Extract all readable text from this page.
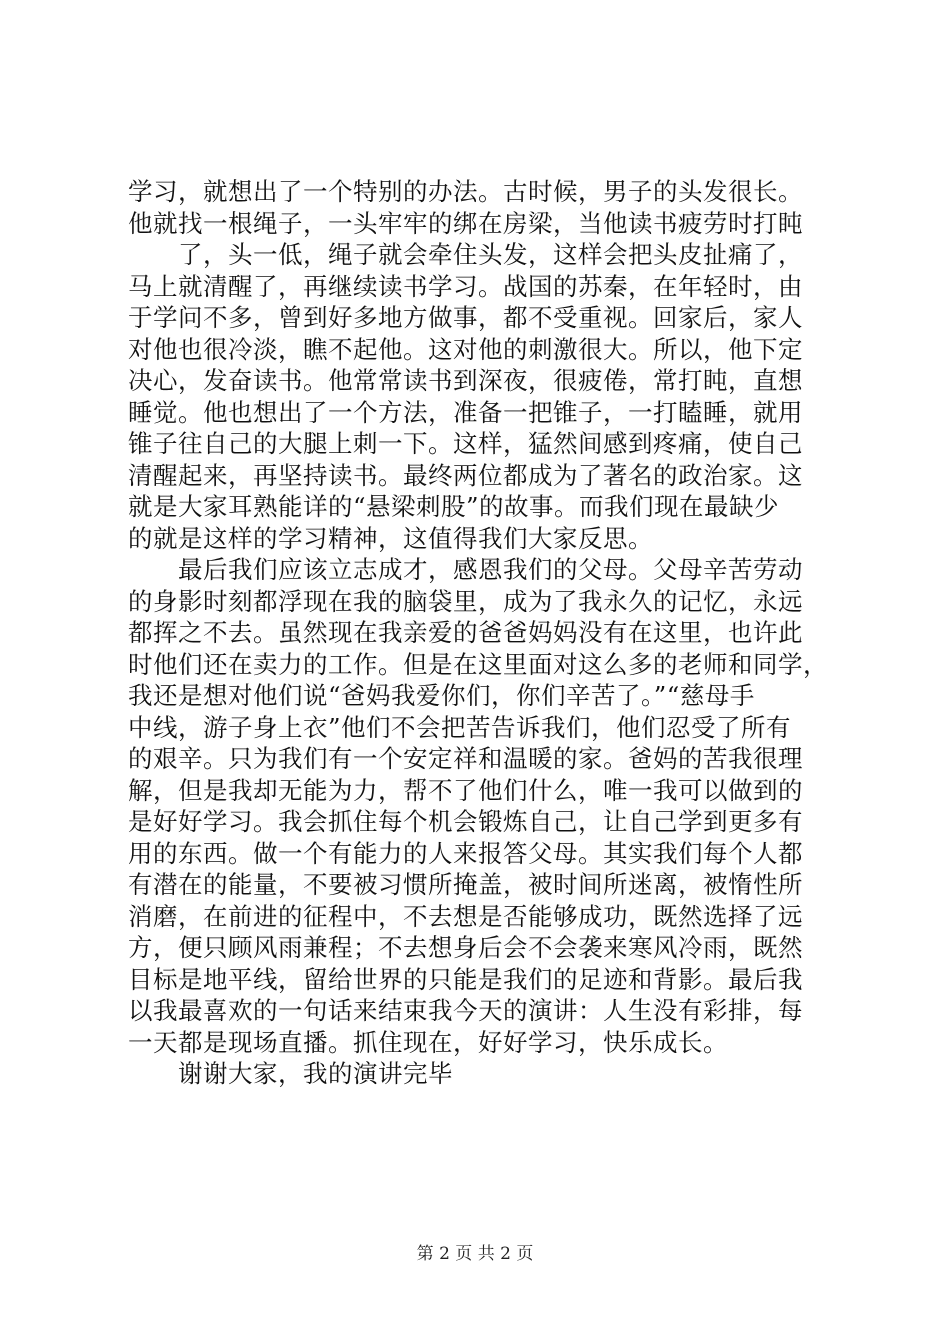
学习，就想出了一个特别的办法。古时候，男子的头发很长。
他就找一根绳子，一头牢牢的绑在房梁，当他读书疲劳时打盹
了，头一低，绳子就会牵住头发，这样会把头皮扯痛了，
马上就清醒了，再继续读书学习。战国的苏秦，在年轻时，由
于学问不多，曾到好多地方做事，都不受重视。回家后，家人
对他也很冷淡，瞧不起他。这对他的刺激很大。所以，他下定
决心，发奋读书。他常常读书到深夜，很疲倦，常打盹，直想
睡觉。他也想出了一个方法，准备一把锥子，一打瞌睡，就用
锥子往自己的大腿上刺一下。这样，猛然间感到疼痛，使自己
清醒起来，再坚持读书。最终两位都成为了著名的政治家。这
就是大家耳熟能详的“悬梁刺股”的故事。而我们现在最缺少
的就是这样的学习精神，这值得我们大家反思。
最后我们应该立志成才，感恩我们的父母。父母辛苦劳动
的身影时刻都浮现在我的脑袋里，成为了我永久的记忆，永远
都挥之不去。虽然现在我亲爱的爸爸妈妈没有在这里，也许此
时他们还在卖力的工作。但是在这里面对这么多的老师和同学，
我还是想对他们说“爸妈我爱你们，你们辛苦了。”“慈母手
中线，游子身上衣”他们不会把苦告诉我们，他们忍受了所有
的艰辛。只为我们有一个安定祥和温暖的家。爸妈的苦我很理
解，但是我却无能为力，帮不了他们什么，唯一我可以做到的
是好好学习。我会抓住每个机会锻炼自己，让自己学到更多有
用的东西。做一个有能力的人来报答父母。其实我们每个人都
有潜在的能量，不要被习惯所掩盖，被时间所迷离，被惰性所
消磨，在前进的征程中，不去想是否能够成功，既然选择了远
方，便只顾风雨兼程；不去想身后会不会袭来寒风冷雨，既然
目标是地平线，留给世界的只能是我们的足迹和背影。最后我
以我最喜欢的一句话来结束我今天的演讲：人生没有彩排，每
一天都是现场直播。抓住现在，好好学习，快乐成长。
谢谢大家，我的演讲完毕
第 2 页 共 2 页
